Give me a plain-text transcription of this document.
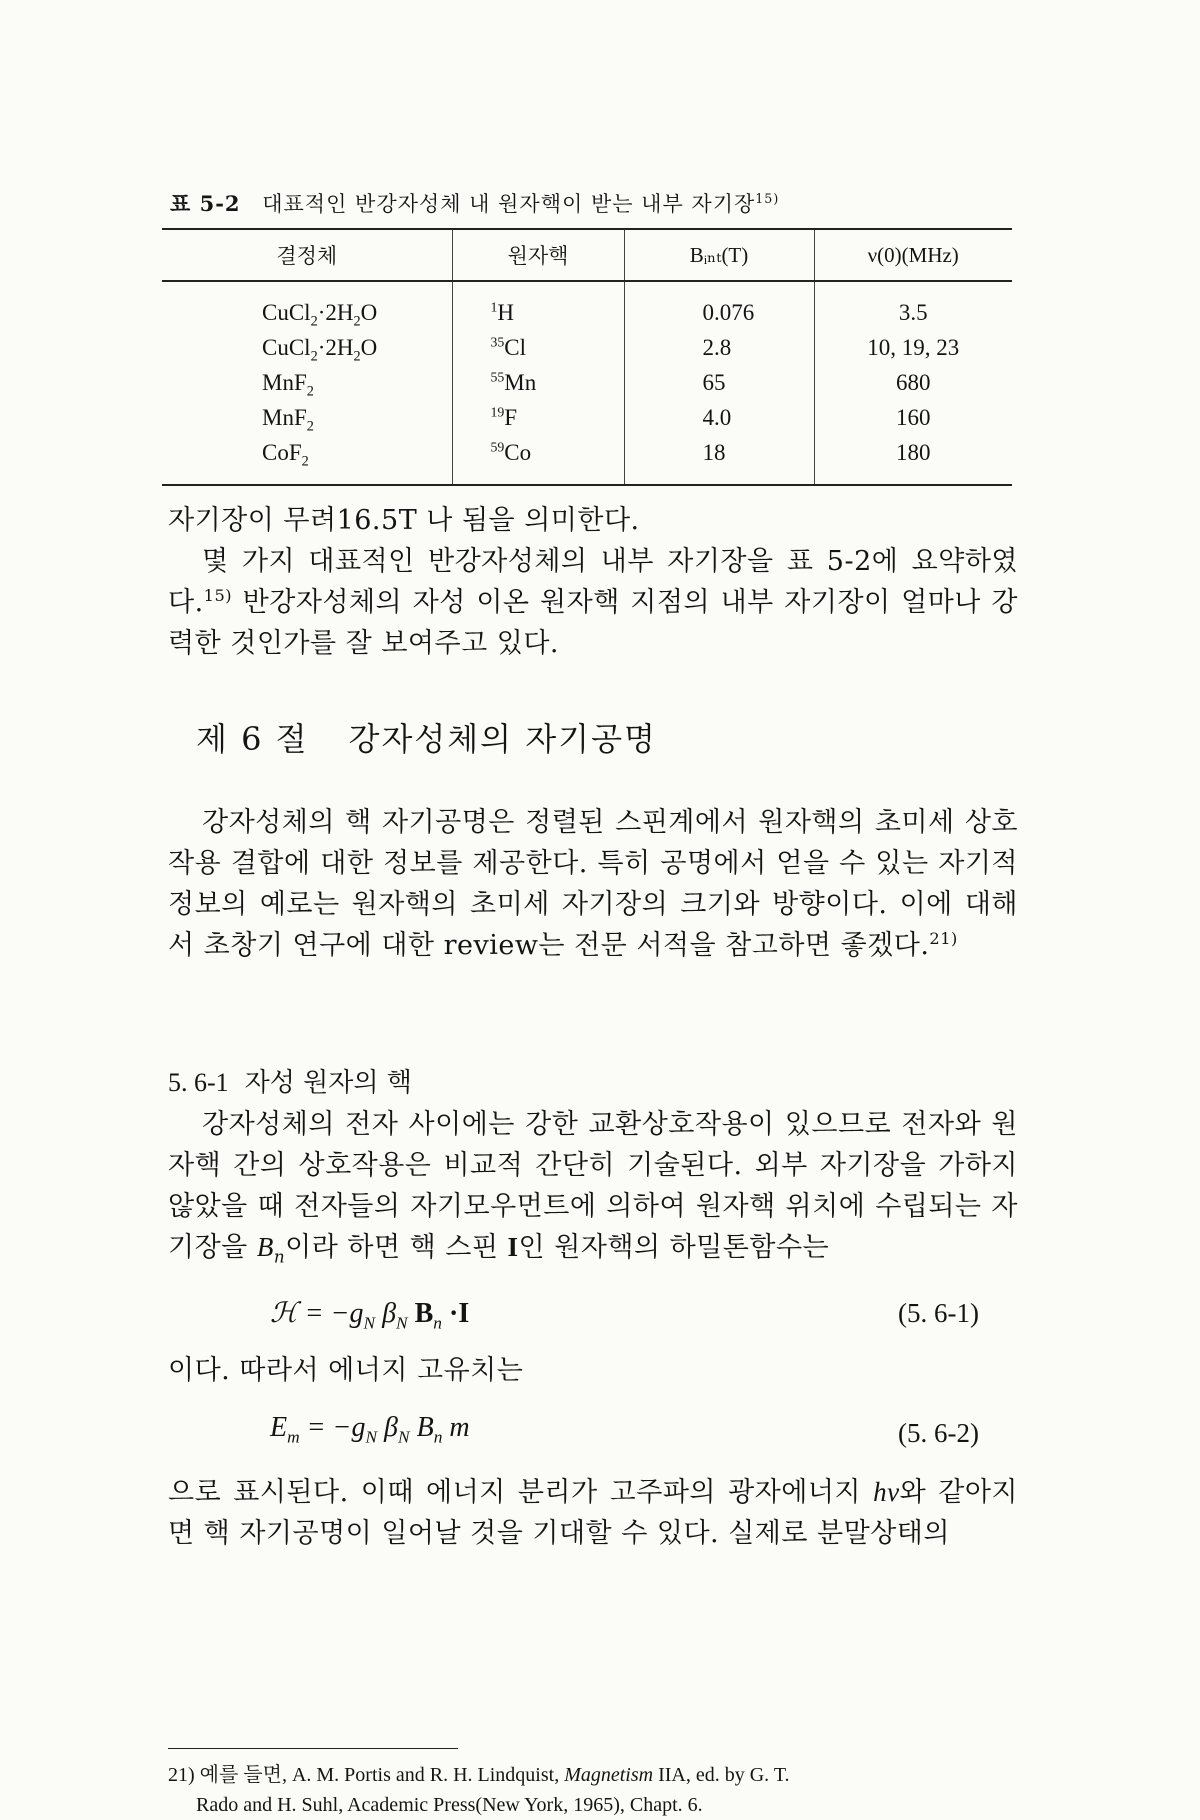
표 5-2 대표적인 반강자성체 내 원자핵이 받는 내부 자기장$^{15)}$
결정체	원자핵	Bᵢₙₜ(T)	ν(0)(MHz)
$CuCl_2\cdot 2H_2O$	$^1$H	0.076	3.5
$CuCl_2\cdot 2H_2O$	$^{35}$Cl	2.8	10, 19, 23
MnF$_2$	$^{55}$Mn	65	680
MnF$_2$	$^{19}$F	4.0	160
CoF$_2$	$^{59}$Co	18	180
자기장이 무려16.5T 나 됨을 의미한다.
몇 가지 대표적인 반강자성체의 내부 자기장을 표 5-2에 요약하였다.$^{15)}$ 반강자성체의 자성 이온 원자핵 지점의 내부 자기장이 얼마나 강력한 것인가를 잘 보여주고 있다.
제 6 절 강자성체의 자기공명
강자성체의 핵 자기공명은 정렬된 스핀계에서 원자핵의 초미세 상호작용 결합에 대한 정보를 제공한다. 특히 공명에서 얻을 수 있는 자기적 정보의 예로는 원자핵의 초미세 자기장의 크기와 방향이다. 이에 대해서 초창기 연구에 대한 review는 전문 서적을 참고하면 좋겠다.$^{21)}$
5. 6-1 자성 원자의 핵
강자성체의 전자 사이에는 강한 교환상호작용이 있으므로 전자와 원자핵 간의 상호작용은 비교적 간단히 기술된다. 외부 자기장을 가하지 않았을 때 전자들의 자기모우먼트에 의하여 원자핵 위치에 수립되는 자기장을 $B_n$이라 하면 핵 스핀 I인 원자핵의 하밀톤함수는
ℋ = $-g_N$ $\beta_N$ $B_n \cdot I$	(5. 6-1)
이다. 따라서 에너지 고유치는
$E_m = -g_N$ $\beta_N$ $B_n$ m	(5. 6-2)
으로 표시된다. 이때 에너지 분리가 고주파의 광자에너지 hν와 같아지면 핵 자기공명이 일어날 것을 기대할 수 있다. 실제로 분말상태의
21) 예를 들면, A. M. Portis and R. H. Lindquist, Magnetism IIA, ed. by G. T.
Rado and H. Suhl, Academic Press(New York, 1965), Chapt. 6.
